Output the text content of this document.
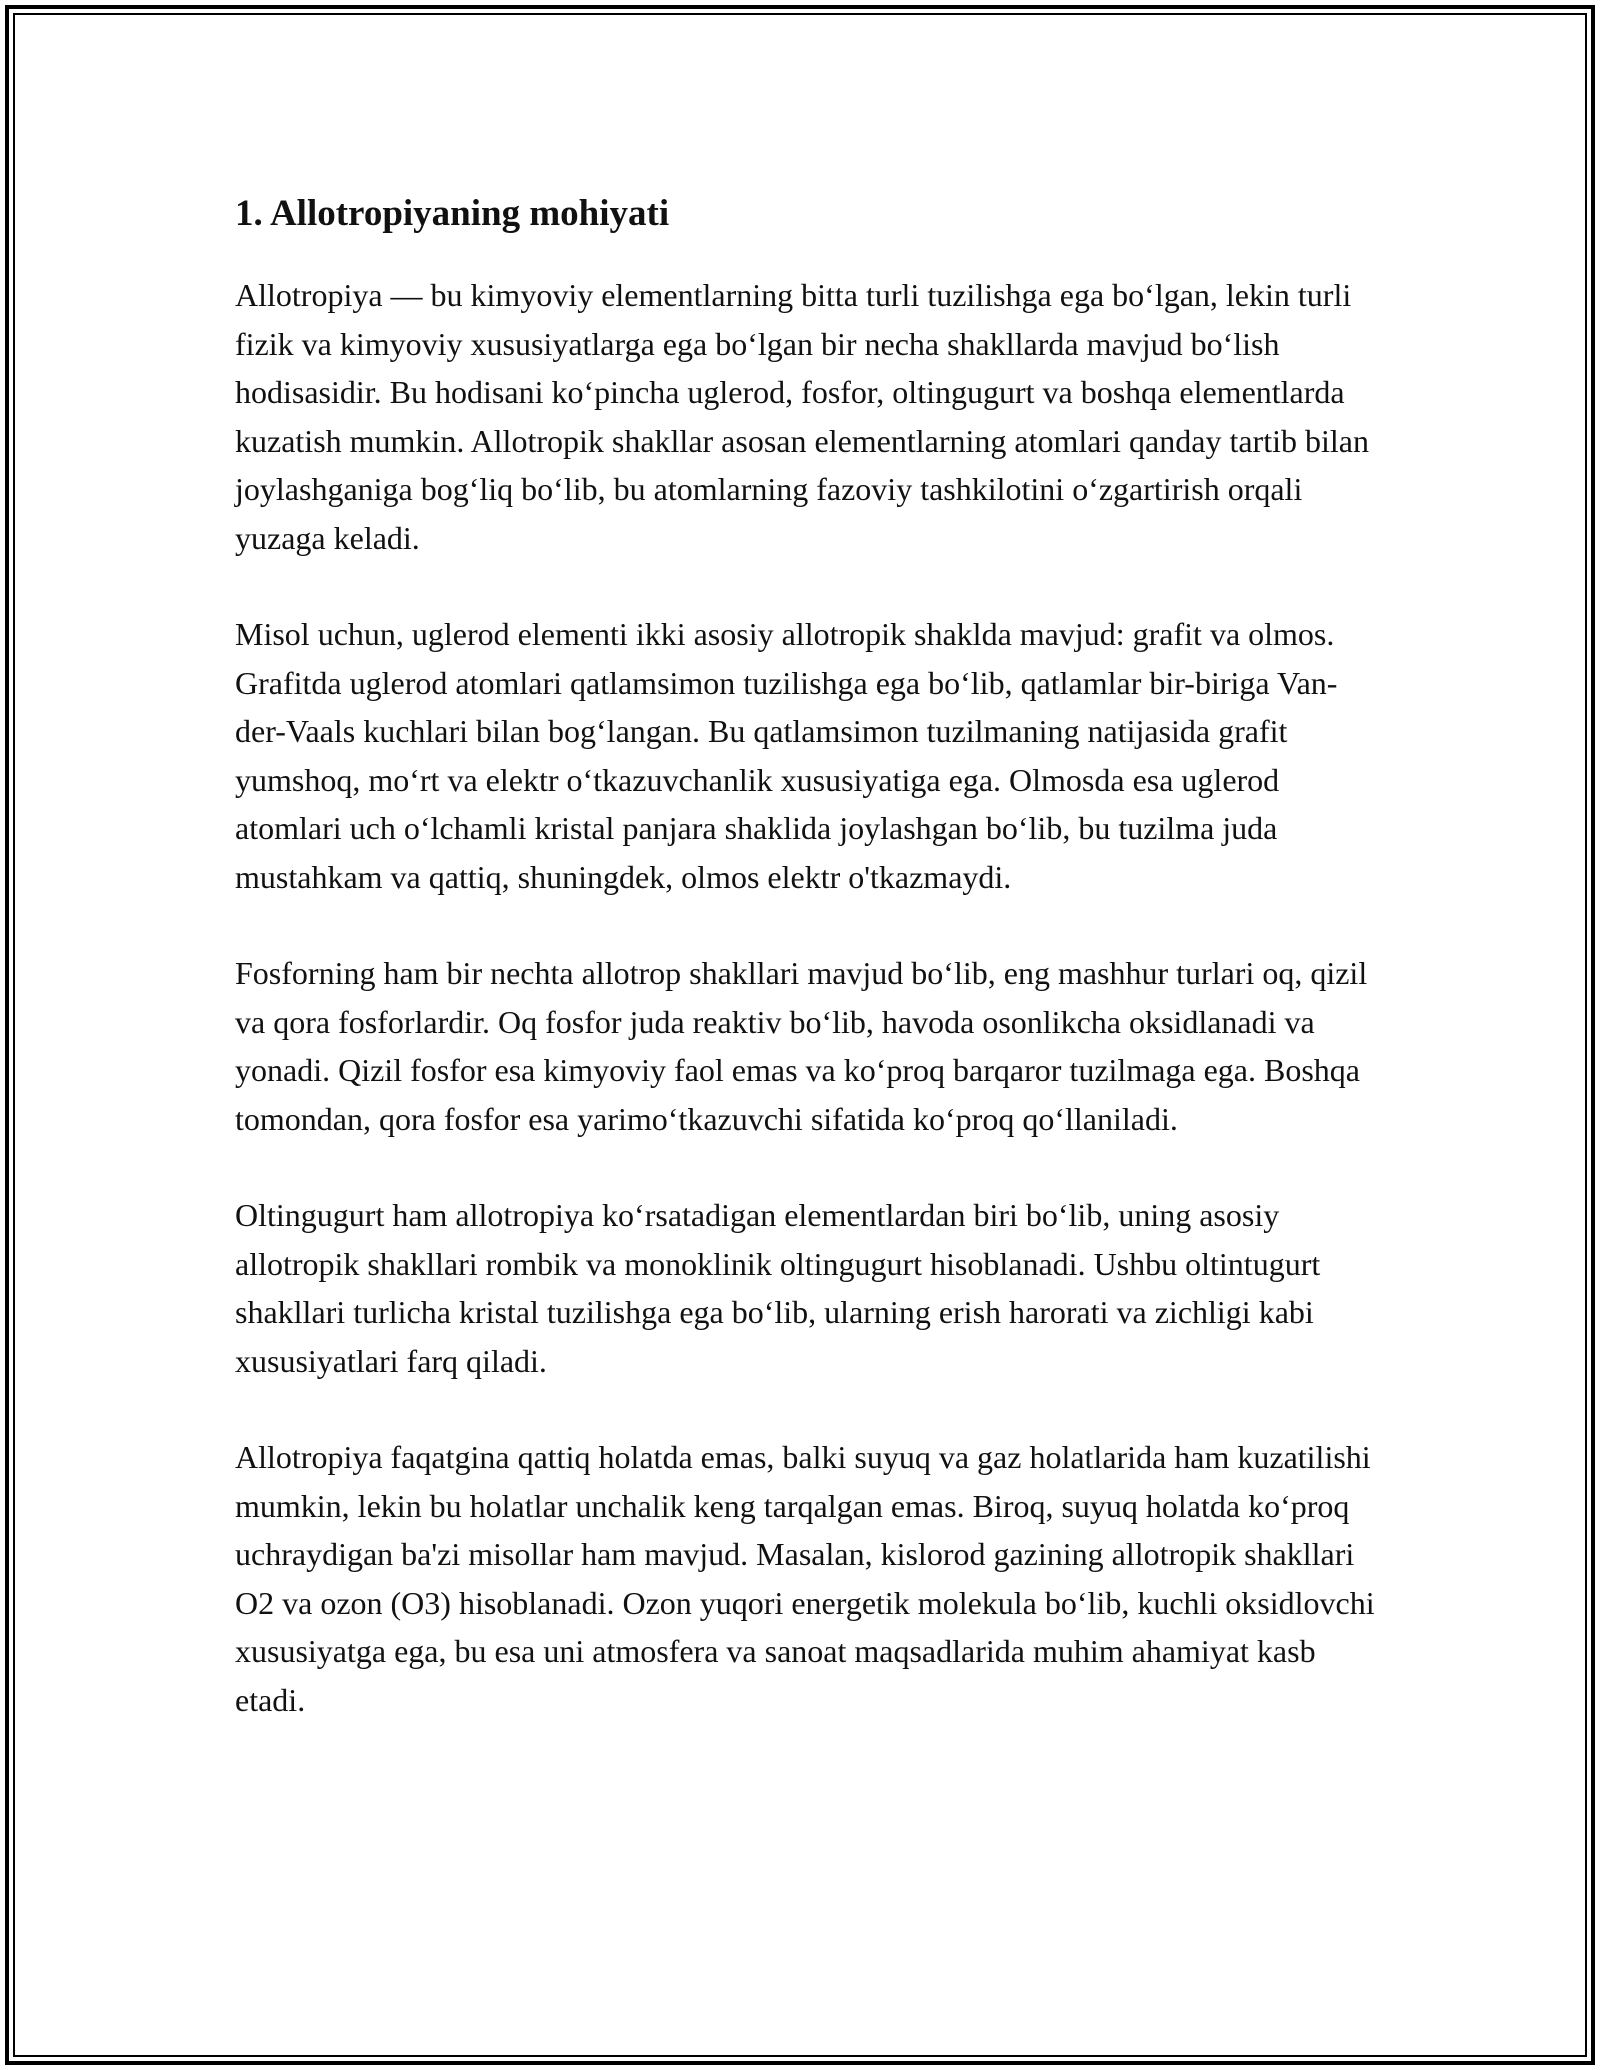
1. Allotropiyaning mohiyati

Allotropiya — bu kimyoviy elementlarning bitta turli tuzilishga ega bo‘lgan, lekin turli fizik va kimyoviy xususiyatlarga ega bo‘lgan bir necha shakllarda mavjud bo‘lish hodisasidir. Bu hodisani ko‘pincha uglerod, fosfor, oltingugurt va boshqa elementlarda kuzatish mumkin. Allotropik shakllar asosan elementlarning atomlari qanday tartib bilan joylashganiga bog‘liq bo‘lib, bu atomlarning fazoviy tashkilotini o‘zgartirish orqali yuzaga keladi.

Misol uchun, uglerod elementi ikki asosiy allotropik shaklda mavjud: grafit va olmos. Grafitda uglerod atomlari qatlamsimon tuzilishga ega bo‘lib, qatlamlar bir-biriga Van-der-Vaals kuchlari bilan bog‘langan. Bu qatlamsimon tuzilmaning natijasida grafit yumshoq, mo‘rt va elektr o‘tkazuvchanlik xususiyatiga ega. Olmosda esa uglerod atomlari uch o‘lchamli kristal panjara shaklida joylashgan bo‘lib, bu tuzilma juda mustahkam va qattiq, shuningdek, olmos elektr o'tkazmaydi.

Fosforning ham bir nechta allotrop shakllari mavjud bo‘lib, eng mashhur turlari oq, qizil va qora fosforlardir. Oq fosfor juda reaktiv bo‘lib, havoda osonlikcha oksidlanadi va yonadi. Qizil fosfor esa kimyoviy faol emas va ko‘proq barqaror tuzilmaga ega. Boshqa tomondan, qora fosfor esa yarimo‘tkazuvchi sifatida ko‘proq qo‘llaniladi.

Oltingugurt ham allotropiya ko‘rsatadigan elementlardan biri bo‘lib, uning asosiy allotropik shakllari rombik va monoklinik oltingugurt hisoblanadi. Ushbu oltintugurt shakllari turlicha kristal tuzilishga ega bo‘lib, ularning erish harorati va zichligi kabi xususiyatlari farq qiladi.

Allotropiya faqatgina qattiq holatda emas, balki suyuq va gaz holatlarida ham kuzatilishi mumkin, lekin bu holatlar unchalik keng tarqalgan emas. Biroq, suyuq holatda ko‘proq uchraydigan ba'zi misollar ham mavjud. Masalan, kislorod gazining allotropik shakllari O2 va ozon (O3) hisoblanadi. Ozon yuqori energetik molekula bo‘lib, kuchli oksidlovchi xususiyatga ega, bu esa uni atmosfera va sanoat maqsadlarida muhim ahamiyat kasb etadi.
